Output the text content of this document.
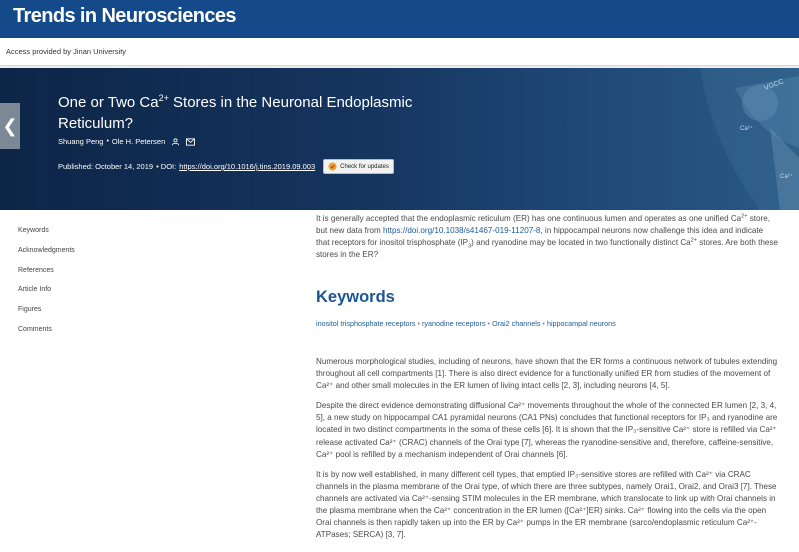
Trends in Neurosciences
Access provided by Jinan University
VGCC
Ca²⁺
Ca²⁺
❮
One or Two $Ca^{2+}$ Stores in the Neuronal Endoplasmic Reticulum?
Shuang Peng • Ole H. Petersen
Published: October 14, 2019 • DOI: https://doi.org/10.1016/j.tins.2019.09.003	Check for updates
Keywords
Acknowledgments
References
Article Info
Figures
Comments

It is generally accepted that the endoplasmic reticulum (ER) has one continuous lumen and operates as one unified $Ca^{2+}$ store, but new data from https://doi.org/10.1038/s41467-019-11207-8, in hippocampal neurons now challenge this idea and indicate that receptors for inositol trisphosphate $(IP_3)$ and ryanodine may be located in two functionally distinct $Ca^{2+}$ stores. Are both these stores in the ER?

Keywords
inositol trisphosphate receptors • ryanodine receptors • Orai2 channels • hippocampal neurons

Numerous morphological studies, including of neurons, have shown that the ER forms a continuous network of tubules extending throughout all cell compartments [1]. There is also direct evidence for a functionally unified ER from studies of the movement of Ca²⁺ and other small molecules in the ER lumen of living intact cells [2, 3], including neurons [4, 5].

Despite the direct evidence demonstrating diffusional Ca²⁺ movements throughout the whole of the connected ER lumen [2, 3, 4, 5], a new study on hippocampal CA1 pyramidal neurons (CA1 PNs) concludes that functional receptors for IP₃ and ryanodine are located in two distinct compartments in the soma of these cells [6]. It is shown that the IP₃-sensitive Ca²⁺ store is refilled via Ca²⁺ release activated Ca²⁺ (CRAC) channels of the Orai type [7], whereas the ryanodine-sensitive and, therefore, caffeine-sensitive, Ca²⁺ pool is refilled by a mechanism independent of Orai channels [6].

It is by now well established, in many different cell types, that emptied IP₃-sensitive stores are refilled with Ca²⁺ via CRAC channels in the plasma membrane of the Orai type, of which there are three subtypes, namely Orai1, Orai2, and Orai3 [7]. These channels are activated via Ca²⁺-sensing STIM molecules in the ER membrane, which translocate to link up with Orai channels in the plasma membrane when the Ca²⁺ concentration in the ER lumen ([Ca²⁺]ER) sinks. Ca²⁺ flowing into the cells via the open Orai channels is then rapidly taken up into the ER by Ca²⁺ pumps in the ER membrane (sarco/endoplasmic reticulum Ca²⁺-ATPases; SERCA) [3, 7].
